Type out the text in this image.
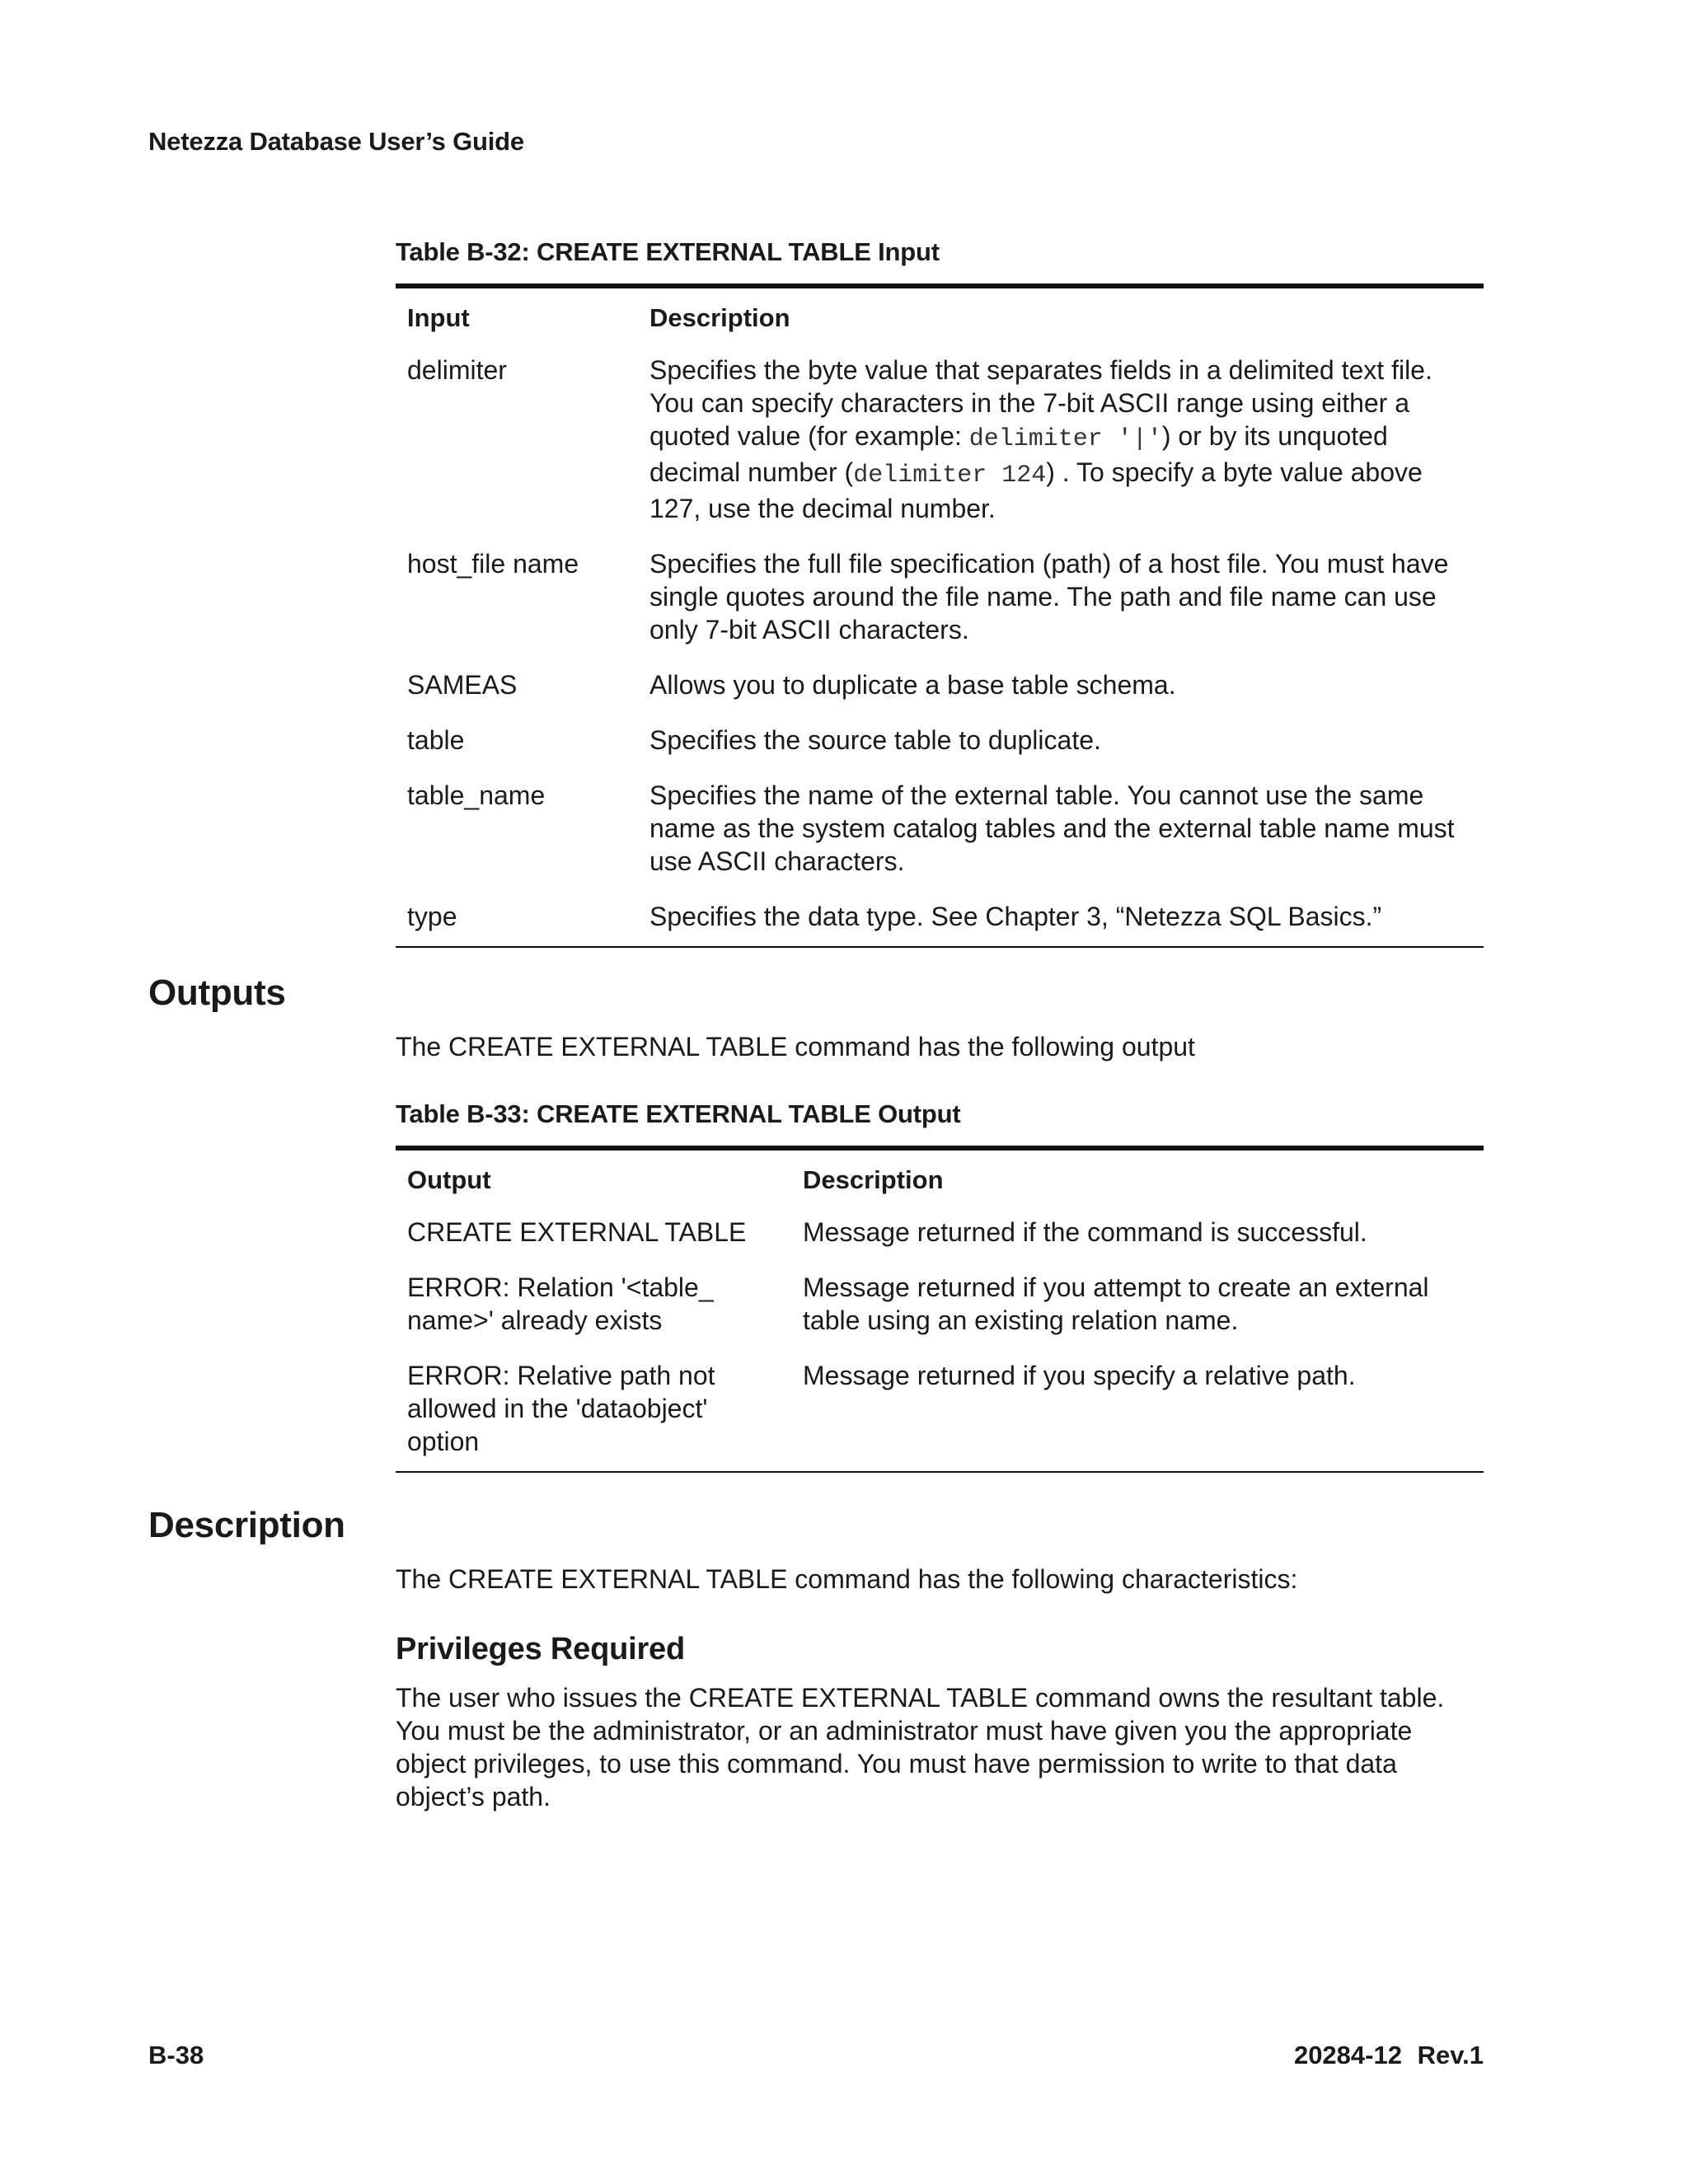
Netezza Database User’s Guide
Table B-32: CREATE EXTERNAL TABLE Input
Input	Description
delimiter	Specifies the byte value that separates fields in a delimited text file. You can specify characters in the 7-bit ASCII range using either a quoted value (for example: delimiter '|') or by its unquoted decimal number (delimiter 124) . To specify a byte value above 127, use the decimal number.
host_file name	Specifies the full file specification (path) of a host file. You must have single quotes around the file name. The path and file name can use only 7-bit ASCII characters.
SAMEAS	Allows you to duplicate a base table schema.
table	Specifies the source table to duplicate.
table_name	Specifies the name of the external table. You cannot use the same name as the system catalog tables and the external table name must use ASCII characters.
type	Specifies the data type. See Chapter 3, “Netezza SQL Basics.”
Outputs
The CREATE EXTERNAL TABLE command has the following output
Table B-33: CREATE EXTERNAL TABLE Output
Output	Description
CREATE EXTERNAL TABLE	Message returned if the command is successful.
ERROR: Relation '<table_ name>' already exists	Message returned if you attempt to create an external table using an existing relation name.
ERROR: Relative path not allowed in the 'dataobject' option	Message returned if you specify a relative path.
Description
The CREATE EXTERNAL TABLE command has the following characteristics:
Privileges Required
The user who issues the CREATE EXTERNAL TABLE command owns the resultant table. You must be the administrator, or an administrator must have given you the appropriate object privileges, to use this command. You must have permission to write to that data object’s path.
B-38	20284-12 Rev.1
